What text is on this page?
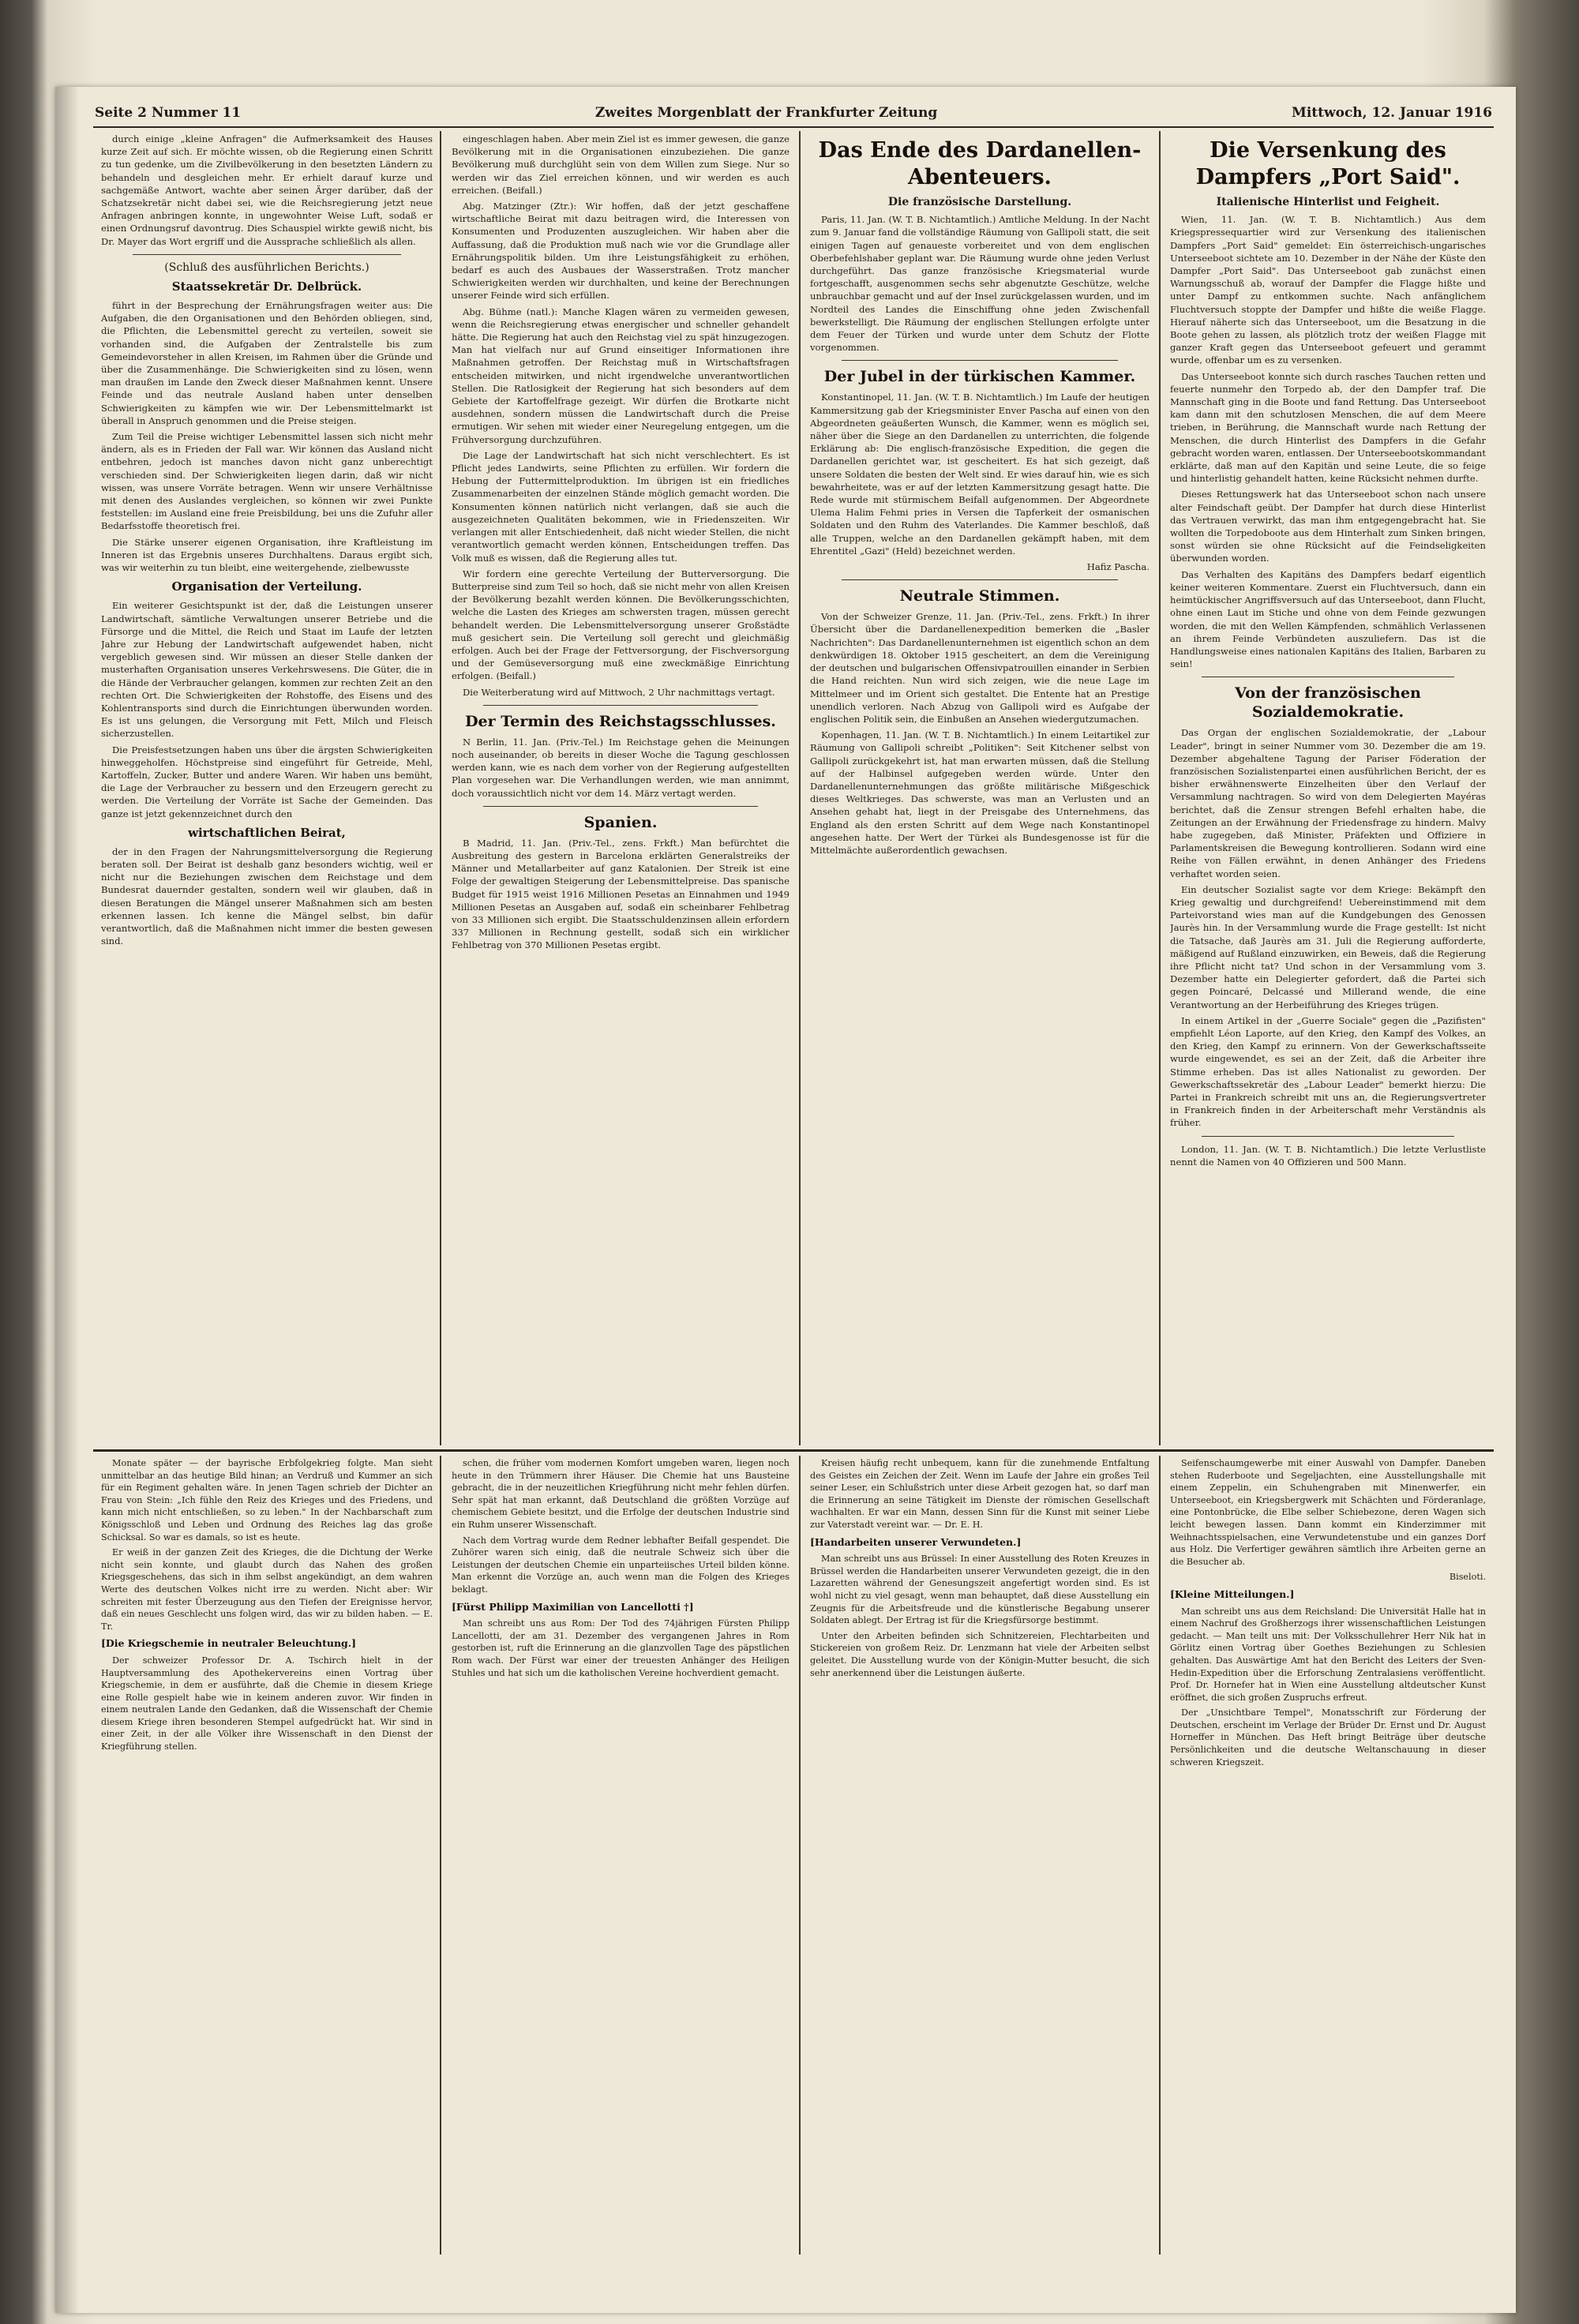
Seite 2 Nummer 11	Zweites Morgenblatt der Frankfurter Zeitung	Mittwoch, 12. Januar 1916

durch einige „kleine Anfragen" die Aufmerksamkeit des Hauses kurze Zeit auf sich. Er möchte wissen, ob die Regierung einen Schritt zu tun gedenke, um die Zivilbevölkerung in den besetzten Ländern zu behandeln und desgleichen mehr. Er erhielt darauf kurze und sachgemäße Antwort, wachte aber seinen Ärger darüber, daß der Schatzsekretär nicht dabei sei, wie die Reichsregierung jetzt neue Anfragen anbringen konnte, in ungewohnter Weise Luft, sodaß er einen Ordnungsruf davontrug. Dies Schauspiel wirkte gewiß nicht, bis Dr. Mayer das Wort ergriff und die Aussprache schließlich als allen.

(Schluß des ausführlichen Berichts.)
Staatssekretär Dr. Delbrück.

führt in der Besprechung der Ernährungsfragen weiter aus: Die Aufgaben, die den Organisationen und den Behörden obliegen, sind, die Pflichten, die Lebensmittel gerecht zu verteilen, soweit sie vorhanden sind, die Aufgaben der Zentralstelle bis zum Gemeindevorsteher in allen Kreisen, im Rahmen über die Gründe und über die Zusammenhänge. Die Schwierigkeiten sind zu lösen, wenn man draußen im Lande den Zweck dieser Maßnahmen kennt. Unsere Feinde und das neutrale Ausland haben unter denselben Schwierigkeiten zu kämpfen wie wir. Der Lebensmittelmarkt ist überall in Anspruch genommen und die Preise steigen.

Zum Teil die Preise wichtiger Lebensmittel lassen sich nicht mehr ändern, als es in Frieden der Fall war. Wir können das Ausland nicht entbehren, jedoch ist manches davon nicht ganz unberechtigt verschieden sind. Der Schwierigkeiten liegen darin, daß wir nicht wissen, was unsere Vorräte betragen. Wenn wir unsere Verhältnisse mit denen des Auslandes vergleichen, so können wir zwei Punkte feststellen: im Ausland eine freie Preisbildung, bei uns die Zufuhr aller Bedarfsstoffe theoretisch frei.

Die Stärke unserer eigenen Organisation, ihre Kraftleistung im Inneren ist das Ergebnis unseres Durchhaltens. Daraus ergibt sich, was wir weiterhin zu tun bleibt, eine weitergehende, zielbewusste

Organisation der Verteilung.

Ein weiterer Gesichtspunkt ist der, daß die Leistungen unserer Landwirtschaft, sämtliche Verwaltungen unserer Betriebe und die Fürsorge und die Mittel, die Reich und Staat im Laufe der letzten Jahre zur Hebung der Landwirtschaft aufgewendet haben, nicht vergeblich gewesen sind. Wir müssen an dieser Stelle danken der musterhaften Organisation unseres Verkehrswesens. Die Güter, die in die Hände der Verbraucher gelangen, kommen zur rechten Zeit an den rechten Ort. Die Schwierigkeiten der Rohstoffe, des Eisens und des Kohlentransports sind durch die Einrichtungen überwunden worden. Es ist uns gelungen, die Versorgung mit Fett, Milch und Fleisch sicherzustellen.

Die Preisfestsetzungen haben uns über die ärgsten Schwierigkeiten hinweggeholfen. Höchstpreise sind eingeführt für Getreide, Mehl, Kartoffeln, Zucker, Butter und andere Waren. Wir haben uns bemüht, die Lage der Verbraucher zu bessern und den Erzeugern gerecht zu werden. Die Verteilung der Vorräte ist Sache der Gemeinden. Das ganze ist jetzt gekennzeichnet durch den

wirtschaftlichen Beirat,

der in den Fragen der Nahrungsmittelversorgung die Regierung beraten soll. Der Beirat ist deshalb ganz besonders wichtig, weil er nicht nur die Beziehungen zwischen dem Reichstage und dem Bundesrat dauernder gestalten, sondern weil wir glauben, daß in diesen Beratungen die Mängel unserer Maßnahmen sich am besten erkennen lassen. Ich kenne die Mängel selbst, bin dafür verantwortlich, daß die Maßnahmen nicht immer die besten gewesen sind.

eingeschlagen haben. Aber mein Ziel ist es immer gewesen, die ganze Bevölkerung mit in die Organisationen einzubeziehen. Die ganze Bevölkerung muß durchglüht sein von dem Willen zum Siege. Nur so werden wir das Ziel erreichen können, und wir werden es auch erreichen. (Beifall.)

Abg. Matzinger (Ztr.): Wir hoffen, daß der jetzt geschaffene wirtschaftliche Beirat mit dazu beitragen wird, die Interessen von Konsumenten und Produzenten auszugleichen. Wir haben aber die Auffassung, daß die Produktion muß nach wie vor die Grundlage aller Ernährungspolitik bilden. Um ihre Leistungsfähigkeit zu erhöhen, bedarf es auch des Ausbaues der Wasserstraßen. Trotz mancher Schwierigkeiten werden wir durchhalten, und keine der Berechnungen unserer Feinde wird sich erfüllen.

Abg. Bühme (natl.): Manche Klagen wären zu vermeiden gewesen, wenn die Reichsregierung etwas energischer und schneller gehandelt hätte. Die Regierung hat auch den Reichstag viel zu spät hinzugezogen. Man hat vielfach nur auf Grund einseitiger Informationen ihre Maßnahmen getroffen. Der Reichstag muß in Wirtschaftsfragen entscheiden mitwirken, und nicht irgendwelche unverantwortlichen Stellen. Die Ratlosigkeit der Regierung hat sich besonders auf dem Gebiete der Kartoffelfrage gezeigt. Wir dürfen die Brotkarte nicht ausdehnen, sondern müssen die Landwirtschaft durch die Preise ermutigen. Wir sehen mit wieder einer Neuregelung entgegen, um die Frühversorgung durchzuführen.

Die Lage der Landwirtschaft hat sich nicht verschlechtert. Es ist Pflicht jedes Landwirts, seine Pflichten zu erfüllen. Wir fordern die Hebung der Futtermittelproduktion. Im übrigen ist ein friedliches Zusammenarbeiten der einzelnen Stände möglich gemacht worden. Die Konsumenten können natürlich nicht verlangen, daß sie auch die ausgezeichneten Qualitäten bekommen, wie in Friedenszeiten. Wir verlangen mit aller Entschiedenheit, daß nicht wieder Stellen, die nicht verantwortlich gemacht werden können, Entscheidungen treffen. Das Volk muß es wissen, daß die Regierung alles tut.

Wir fordern eine gerechte Verteilung der Butterversorgung. Die Butterpreise sind zum Teil so hoch, daß sie nicht mehr von allen Kreisen der Bevölkerung bezahlt werden können. Die Bevölkerungsschichten, welche die Lasten des Krieges am schwersten tragen, müssen gerecht behandelt werden. Die Lebensmittelversorgung unserer Großstädte muß gesichert sein. Die Verteilung soll gerecht und gleichmäßig erfolgen. Auch bei der Frage der Fettversorgung, der Fischversorgung und der Gemüseversorgung muß eine zweckmäßige Einrichtung erfolgen. (Beifall.)

Die Weiterberatung wird auf Mittwoch, 2 Uhr nachmittags vertagt.

Der Termin des Reichstagsschlusses.

N Berlin, 11. Jan. (Priv.-Tel.) Im Reichstage gehen die Meinungen noch auseinander, ob bereits in dieser Woche die Tagung geschlossen werden kann, wie es nach dem vorher von der Regierung aufgestellten Plan vorgesehen war. Die Verhandlungen werden, wie man annimmt, doch voraussichtlich nicht vor dem 14. März vertagt werden.

Spanien.

B Madrid, 11. Jan. (Priv.-Tel., zens. Frkft.) Man befürchtet die Ausbreitung des gestern in Barcelona erklärten Generalstreiks der Männer und Metallarbeiter auf ganz Katalonien. Der Streik ist eine Folge der gewaltigen Steigerung der Lebensmittelpreise. Das spanische Budget für 1915 weist 1916 Millionen Pesetas an Einnahmen und 1949 Millionen Pesetas an Ausgaben auf, sodaß ein scheinbarer Fehlbetrag von 33 Millionen sich ergibt. Die Staatsschuldenzinsen allein erfordern 337 Millionen in Rechnung gestellt, sodaß sich ein wirklicher Fehlbetrag von 370 Millionen Pesetas ergibt.

Das Ende des Dardanellen-Abenteuers.
Die französische Darstellung.

Paris, 11. Jan. (W. T. B. Nichtamtlich.) Amtliche Meldung. In der Nacht zum 9. Januar fand die vollständige Räumung von Gallipoli statt, die seit einigen Tagen auf genaueste vorbereitet und von dem englischen Oberbefehlshaber geplant war. Die Räumung wurde ohne jeden Verlust durchgeführt. Das ganze französische Kriegsmaterial wurde fortgeschafft, ausgenommen sechs sehr abgenutzte Geschütze, welche unbrauchbar gemacht und auf der Insel zurückgelassen wurden, und im Nordteil des Landes die Einschiffung ohne jeden Zwischenfall bewerkstelligt. Die Räumung der englischen Stellungen erfolgte unter dem Feuer der Türken und wurde unter dem Schutz der Flotte vorgenommen.

Der Jubel in der türkischen Kammer.

Konstantinopel, 11. Jan. (W. T. B. Nichtamtlich.) Im Laufe der heutigen Kammersitzung gab der Kriegsminister Enver Pascha auf einen von den Abgeordneten geäußerten Wunsch, die Kammer, wenn es möglich sei, näher über die Siege an den Dardanellen zu unterrichten, die folgende Erklärung ab: Die englisch-französische Expedition, die gegen die Dardanellen gerichtet war, ist gescheitert. Es hat sich gezeigt, daß unsere Soldaten die besten der Welt sind. Er wies darauf hin, wie es sich bewahrheitete, was er auf der letzten Kammersitzung gesagt hatte. Die Rede wurde mit stürmischem Beifall aufgenommen. Der Abgeordnete Ulema Halim Fehmi pries in Versen die Tapferkeit der osmanischen Soldaten und den Ruhm des Vaterlandes. Die Kammer beschloß, daß alle Truppen, welche an den Dardanellen gekämpft haben, mit dem Ehrentitel „Gazi" (Held) bezeichnet werden.

Hafiz Pascha.
Neutrale Stimmen.

Von der Schweizer Grenze, 11. Jan. (Priv.-Tel., zens. Frkft.) In ihrer Übersicht über die Dardanellenexpedition bemerken die „Basler Nachrichten": Das Dardanellenunternehmen ist eigentlich schon an dem denkwürdigen 18. Oktober 1915 gescheitert, an dem die Vereinigung der deutschen und bulgarischen Offensivpatrouillen einander in Serbien die Hand reichten. Nun wird sich zeigen, wie die neue Lage im Mittelmeer und im Orient sich gestaltet. Die Entente hat an Prestige unendlich verloren. Nach Abzug von Gallipoli wird es Aufgabe der englischen Politik sein, die Einbußen an Ansehen wiedergutzumachen.

Kopenhagen, 11. Jan. (W. T. B. Nichtamtlich.) In einem Leitartikel zur Räumung von Gallipoli schreibt „Politiken": Seit Kitchener selbst von Gallipoli zurückgekehrt ist, hat man erwarten müssen, daß die Stellung auf der Halbinsel aufgegeben werden würde. Unter den Dardanellenunternehmungen das größte militärische Mißgeschick dieses Weltkrieges. Das schwerste, was man an Verlusten und an Ansehen gehabt hat, liegt in der Preisgabe des Unternehmens, das England als den ersten Schritt auf dem Wege nach Konstantinopel angesehen hatte. Der Wert der Türkei als Bundesgenosse ist für die Mittelmächte außerordentlich gewachsen.

Die Versenkung des Dampfers „Port Said".
Italienische Hinterlist und Feigheit.

Wien, 11. Jan. (W. T. B. Nichtamtlich.) Aus dem Kriegspressequartier wird zur Versenkung des italienischen Dampfers „Port Said" gemeldet: Ein österreichisch-ungarisches Unterseeboot sichtete am 10. Dezember in der Nähe der Küste den Dampfer „Port Said". Das Unterseeboot gab zunächst einen Warnungsschuß ab, worauf der Dampfer die Flagge hißte und unter Dampf zu entkommen suchte. Nach anfänglichem Fluchtversuch stoppte der Dampfer und hißte die weiße Flagge. Hierauf näherte sich das Unterseeboot, um die Besatzung in die Boote gehen zu lassen, als plötzlich trotz der weißen Flagge mit ganzer Kraft gegen das Unterseeboot gefeuert und gerammt wurde, offenbar um es zu versenken.

Das Unterseeboot konnte sich durch rasches Tauchen retten und feuerte nunmehr den Torpedo ab, der den Dampfer traf. Die Mannschaft ging in die Boote und fand Rettung. Das Unterseeboot kam dann mit den schutzlosen Menschen, die auf dem Meere trieben, in Berührung, die Mannschaft wurde nach Rettung der Menschen, die durch Hinterlist des Dampfers in die Gefahr gebracht worden waren, entlassen. Der Unterseebootskommandant erklärte, daß man auf den Kapitän und seine Leute, die so feige und hinterlistig gehandelt hatten, keine Rücksicht nehmen durfte.

Dieses Rettungswerk hat das Unterseeboot schon nach unsere alter Feindschaft geübt. Der Dampfer hat durch diese Hinterlist das Vertrauen verwirkt, das man ihm entgegengebracht hat. Sie wollten die Torpedoboote aus dem Hinterhalt zum Sinken bringen, sonst würden sie ohne Rücksicht auf die Feindseligkeiten überwunden worden.

Das Verhalten des Kapitäns des Dampfers bedarf eigentlich keiner weiteren Kommentare. Zuerst ein Fluchtversuch, dann ein heimtückischer Angriffsversuch auf das Unterseeboot, dann Flucht, ohne einen Laut im Stiche und ohne von dem Feinde gezwungen worden, die mit den Wellen Kämpfenden, schmählich Verlassenen an ihrem Feinde Verbündeten auszuliefern. Das ist die Handlungsweise eines nationalen Kapitäns des Italien, Barbaren zu sein!

Von der französischen Sozialdemokratie.

Das Organ der englischen Sozialdemokratie, der „Labour Leader", bringt in seiner Nummer vom 30. Dezember die am 19. Dezember abgehaltene Tagung der Pariser Föderation der französischen Sozialistenpartei einen ausführlichen Bericht, der es bisher erwähnenswerte Einzelheiten über den Verlauf der Versammlung nachtragen. So wird von dem Delegierten Mayéras berichtet, daß die Zensur strengen Befehl erhalten habe, die Zeitungen an der Erwähnung der Friedensfrage zu hindern. Malvy habe zugegeben, daß Minister, Präfekten und Offiziere in Parlamentskreisen die Bewegung kontrollieren. Sodann wird eine Reihe von Fällen erwähnt, in denen Anhänger des Friedens verhaftet worden seien.

Ein deutscher Sozialist sagte vor dem Kriege: Bekämpft den Krieg gewaltig und durchgreifend! Uebereinstimmend mit dem Parteivorstand wies man auf die Kundgebungen des Genossen Jaurès hin. In der Versammlung wurde die Frage gestellt: Ist nicht die Tatsache, daß Jaurès am 31. Juli die Regierung aufforderte, mäßigend auf Rußland einzuwirken, ein Beweis, daß die Regierung ihre Pflicht nicht tat? Und schon in der Versammlung vom 3. Dezember hatte ein Delegierter gefordert, daß die Partei sich gegen Poincaré, Delcassé und Millerand wende, die eine Verantwortung an der Herbeiführung des Krieges trügen.

In einem Artikel in der „Guerre Sociale" gegen die „Pazifisten" empfiehlt Léon Laporte, auf den Krieg, den Kampf des Volkes, an den Krieg, den Kampf zu erinnern. Von der Gewerkschaftsseite wurde eingewendet, es sei an der Zeit, daß die Arbeiter ihre Stimme erheben. Das ist alles Nationalist zu geworden. Der Gewerkschaftssekretär des „Labour Leader" bemerkt hierzu: Die Partei in Frankreich schreibt mit uns an, die Regierungsvertreter in Frankreich finden in der Arbeiterschaft mehr Verständnis als früher.

London, 11. Jan. (W. T. B. Nichtamtlich.) Die letzte Verlustliste nennt die Namen von 40 Offizieren und 500 Mann.

Monate später — der bayrische Erbfolgekrieg folgte. Man sieht unmittelbar an das heutige Bild hinan; an Verdruß und Kummer an sich für ein Regiment gehalten wäre. In jenen Tagen schrieb der Dichter an Frau von Stein: „Ich fühle den Reiz des Krieges und des Friedens, und kann mich nicht entschließen, so zu leben." In der Nachbarschaft zum Königsschloß und Leben und Ordnung des Reiches lag das große Schicksal. So war es damals, so ist es heute.

Er weiß in der ganzen Zeit des Krieges, die die Dichtung der Werke nicht sein konnte, und glaubt durch das Nahen des großen Kriegsgeschehens, das sich in ihm selbst angekündigt, an dem wahren Werte des deutschen Volkes nicht irre zu werden. Nicht aber: Wir schreiten mit fester Überzeugung aus den Tiefen der Ereignisse hervor, daß ein neues Geschlecht uns folgen wird, das wir zu bilden haben. — E. Tr.

[Die Kriegschemie in neutraler Beleuchtung.]

Der schweizer Professor Dr. A. Tschirch hielt in der Hauptversammlung des Apothekervereins einen Vortrag über Kriegschemie, in dem er ausführte, daß die Chemie in diesem Kriege eine Rolle gespielt habe wie in keinem anderen zuvor. Wir finden in einem neutralen Lande den Gedanken, daß die Wissenschaft der Chemie diesem Kriege ihren besonderen Stempel aufgedrückt hat. Wir sind in einer Zeit, in der alle Völker ihre Wissenschaft in den Dienst der Kriegführung stellen.

schen, die früher vom modernen Komfort umgeben waren, liegen noch heute in den Trümmern ihrer Häuser. Die Chemie hat uns Bausteine gebracht, die in der neuzeitlichen Kriegführung nicht mehr fehlen dürfen. Sehr spät hat man erkannt, daß Deutschland die größten Vorzüge auf chemischem Gebiete besitzt, und die Erfolge der deutschen Industrie sind ein Ruhm unserer Wissenschaft.

Nach dem Vortrag wurde dem Redner lebhafter Beifall gespendet. Die Zuhörer waren sich einig, daß die neutrale Schweiz sich über die Leistungen der deutschen Chemie ein unparteiisches Urteil bilden könne. Man erkennt die Vorzüge an, auch wenn man die Folgen des Krieges beklagt.

[Fürst Philipp Maximilian von Lancellotti †]

Man schreibt uns aus Rom: Der Tod des 74jährigen Fürsten Philipp Lancellotti, der am 31. Dezember des vergangenen Jahres in Rom gestorben ist, ruft die Erinnerung an die glanzvollen Tage des päpstlichen Rom wach. Der Fürst war einer der treuesten Anhänger des Heiligen Stuhles und hat sich um die katholischen Vereine hochverdient gemacht.

Kreisen häufig recht unbequem, kann für die zunehmende Entfaltung des Geistes ein Zeichen der Zeit. Wenn im Laufe der Jahre ein großes Teil seiner Leser, ein Schlußstrich unter diese Arbeit gezogen hat, so darf man die Erinnerung an seine Tätigkeit im Dienste der römischen Gesellschaft wachhalten. Er war ein Mann, dessen Sinn für die Kunst mit seiner Liebe zur Vaterstadt vereint war. — Dr. E. H.

[Handarbeiten unserer Verwundeten.]

Man schreibt uns aus Brüssel: In einer Ausstellung des Roten Kreuzes in Brüssel werden die Handarbeiten unserer Verwundeten gezeigt, die in den Lazaretten während der Genesungszeit angefertigt worden sind. Es ist wohl nicht zu viel gesagt, wenn man behauptet, daß diese Ausstellung ein Zeugnis für die Arbeitsfreude und die künstlerische Begabung unserer Soldaten ablegt. Der Ertrag ist für die Kriegsfürsorge bestimmt.

Unter den Arbeiten befinden sich Schnitzereien, Flechtarbeiten und Stickereien von großem Reiz. Dr. Lenzmann hat viele der Arbeiten selbst geleitet. Die Ausstellung wurde von der Königin-Mutter besucht, die sich sehr anerkennend über die Leistungen äußerte.

Seifenschaumgewerbe mit einer Auswahl von Dampfer. Daneben stehen Ruderboote und Segeljachten, eine Ausstellungshalle mit einem Zeppelin, ein Schuhengraben mit Minenwerfer, ein Unterseeboot, ein Kriegsbergwerk mit Schächten und Förderanlage, eine Pontonbrücke, die Elbe selber Schiebezone, deren Wagen sich leicht bewegen lassen. Dann kommt ein Kinderzimmer mit Weihnachtsspielsachen, eine Verwundetenstube und ein ganzes Dorf aus Holz. Die Verfertiger gewähren sämtlich ihre Arbeiten gerne an die Besucher ab.

Biseloti.
[Kleine Mitteilungen.]

Man schreibt uns aus dem Reichsland: Die Universität Halle hat in einem Nachruf des Großherzogs ihrer wissenschaftlichen Leistungen gedacht. — Man teilt uns mit: Der Volksschullehrer Herr Nik hat in Görlitz einen Vortrag über Goethes Beziehungen zu Schlesien gehalten. Das Auswärtige Amt hat den Bericht des Leiters der Sven-Hedin-Expedition über die Erforschung Zentralasiens veröffentlicht. Prof. Dr. Hornefer hat in Wien eine Ausstellung altdeutscher Kunst eröffnet, die sich großen Zuspruchs erfreut.

Der „Unsichtbare Tempel", Monatsschrift zur Förderung der Deutschen, erscheint im Verlage der Brüder Dr. Ernst und Dr. August Horneffer in München. Das Heft bringt Beiträge über deutsche Persönlichkeiten und die deutsche Weltanschauung in dieser schweren Kriegszeit.
